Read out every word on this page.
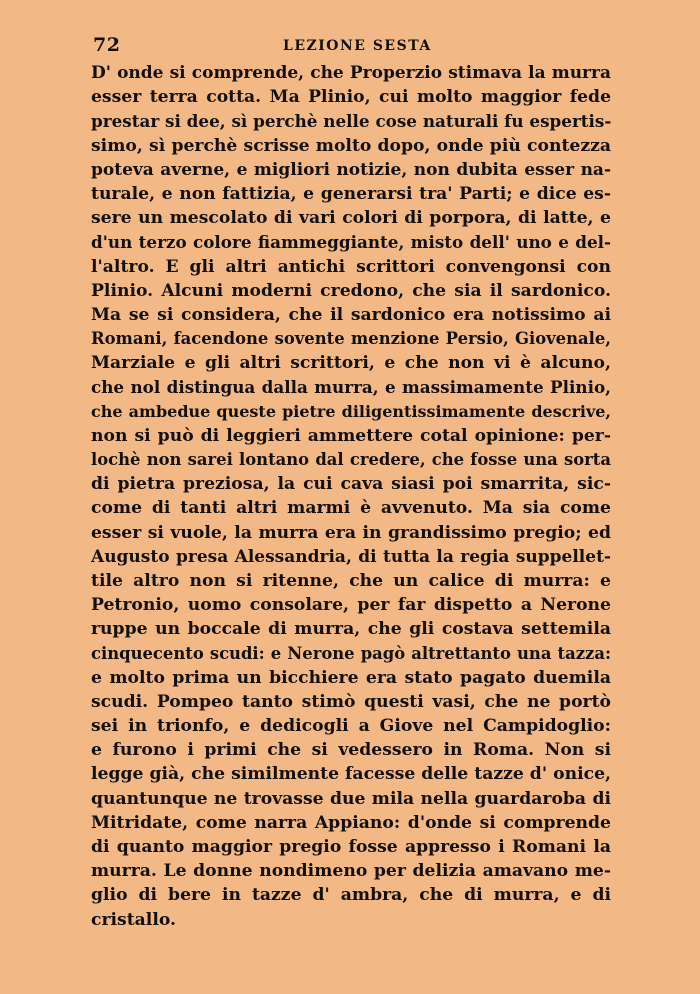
72	LEZIONE SESTA
D' onde si comprende, che Properzio stimava la murra
esser terra cotta. Ma Plinio, cui molto maggior fede
prestar si dee, sì perchè nelle cose naturali fu espertis-
simo, sì perchè scrisse molto dopo, onde più contezza
poteva averne, e migliori notizie, non dubita esser na-
turale, e non fattizia, e generarsi tra' Parti; e dice es-
sere un mescolato di vari colori di porpora, di latte, e
d'un terzo colore fiammeggiante, misto dell' uno e del-
l'altro. E gli altri antichi scrittori convengonsi con
Plinio. Alcuni moderni credono, che sia il sardonico.
Ma se si considera, che il sardonico era notissimo ai
Romani, facendone sovente menzione Persio, Giovenale,
Marziale e gli altri scrittori, e che non vi è alcuno,
che nol distingua dalla murra, e massimamente Plinio,
che ambedue queste pietre diligentissimamente descrive,
non si può di leggieri ammettere cotal opinione: per-
lochè non sarei lontano dal credere, che fosse una sorta
di pietra preziosa, la cui cava siasi poi smarrita, sic-
come di tanti altri marmi è avvenuto. Ma sia come
esser si vuole, la murra era in grandissimo pregio; ed
Augusto presa Alessandria, di tutta la regia suppellet-
tile altro non si ritenne, che un calice di murra: e
Petronio, uomo consolare, per far dispetto a Nerone
ruppe un boccale di murra, che gli costava settemila
cinquecento scudi: e Nerone pagò altrettanto una tazza:
e molto prima un bicchiere era stato pagato duemila
scudi. Pompeo tanto stimò questi vasi, che ne portò
sei in trionfo, e dedicogli a Giove nel Campidoglio:
e furono i primi che si vedessero in Roma. Non si
legge già, che similmente facesse delle tazze d' onice,
quantunque ne trovasse due mila nella guardaroba di
Mitridate, come narra Appiano: d'onde si comprende
di quanto maggior pregio fosse appresso i Romani la
murra. Le donne nondimeno per delizia amavano me-
glio di bere in tazze d' ambra, che di murra, e di
cristallo.
